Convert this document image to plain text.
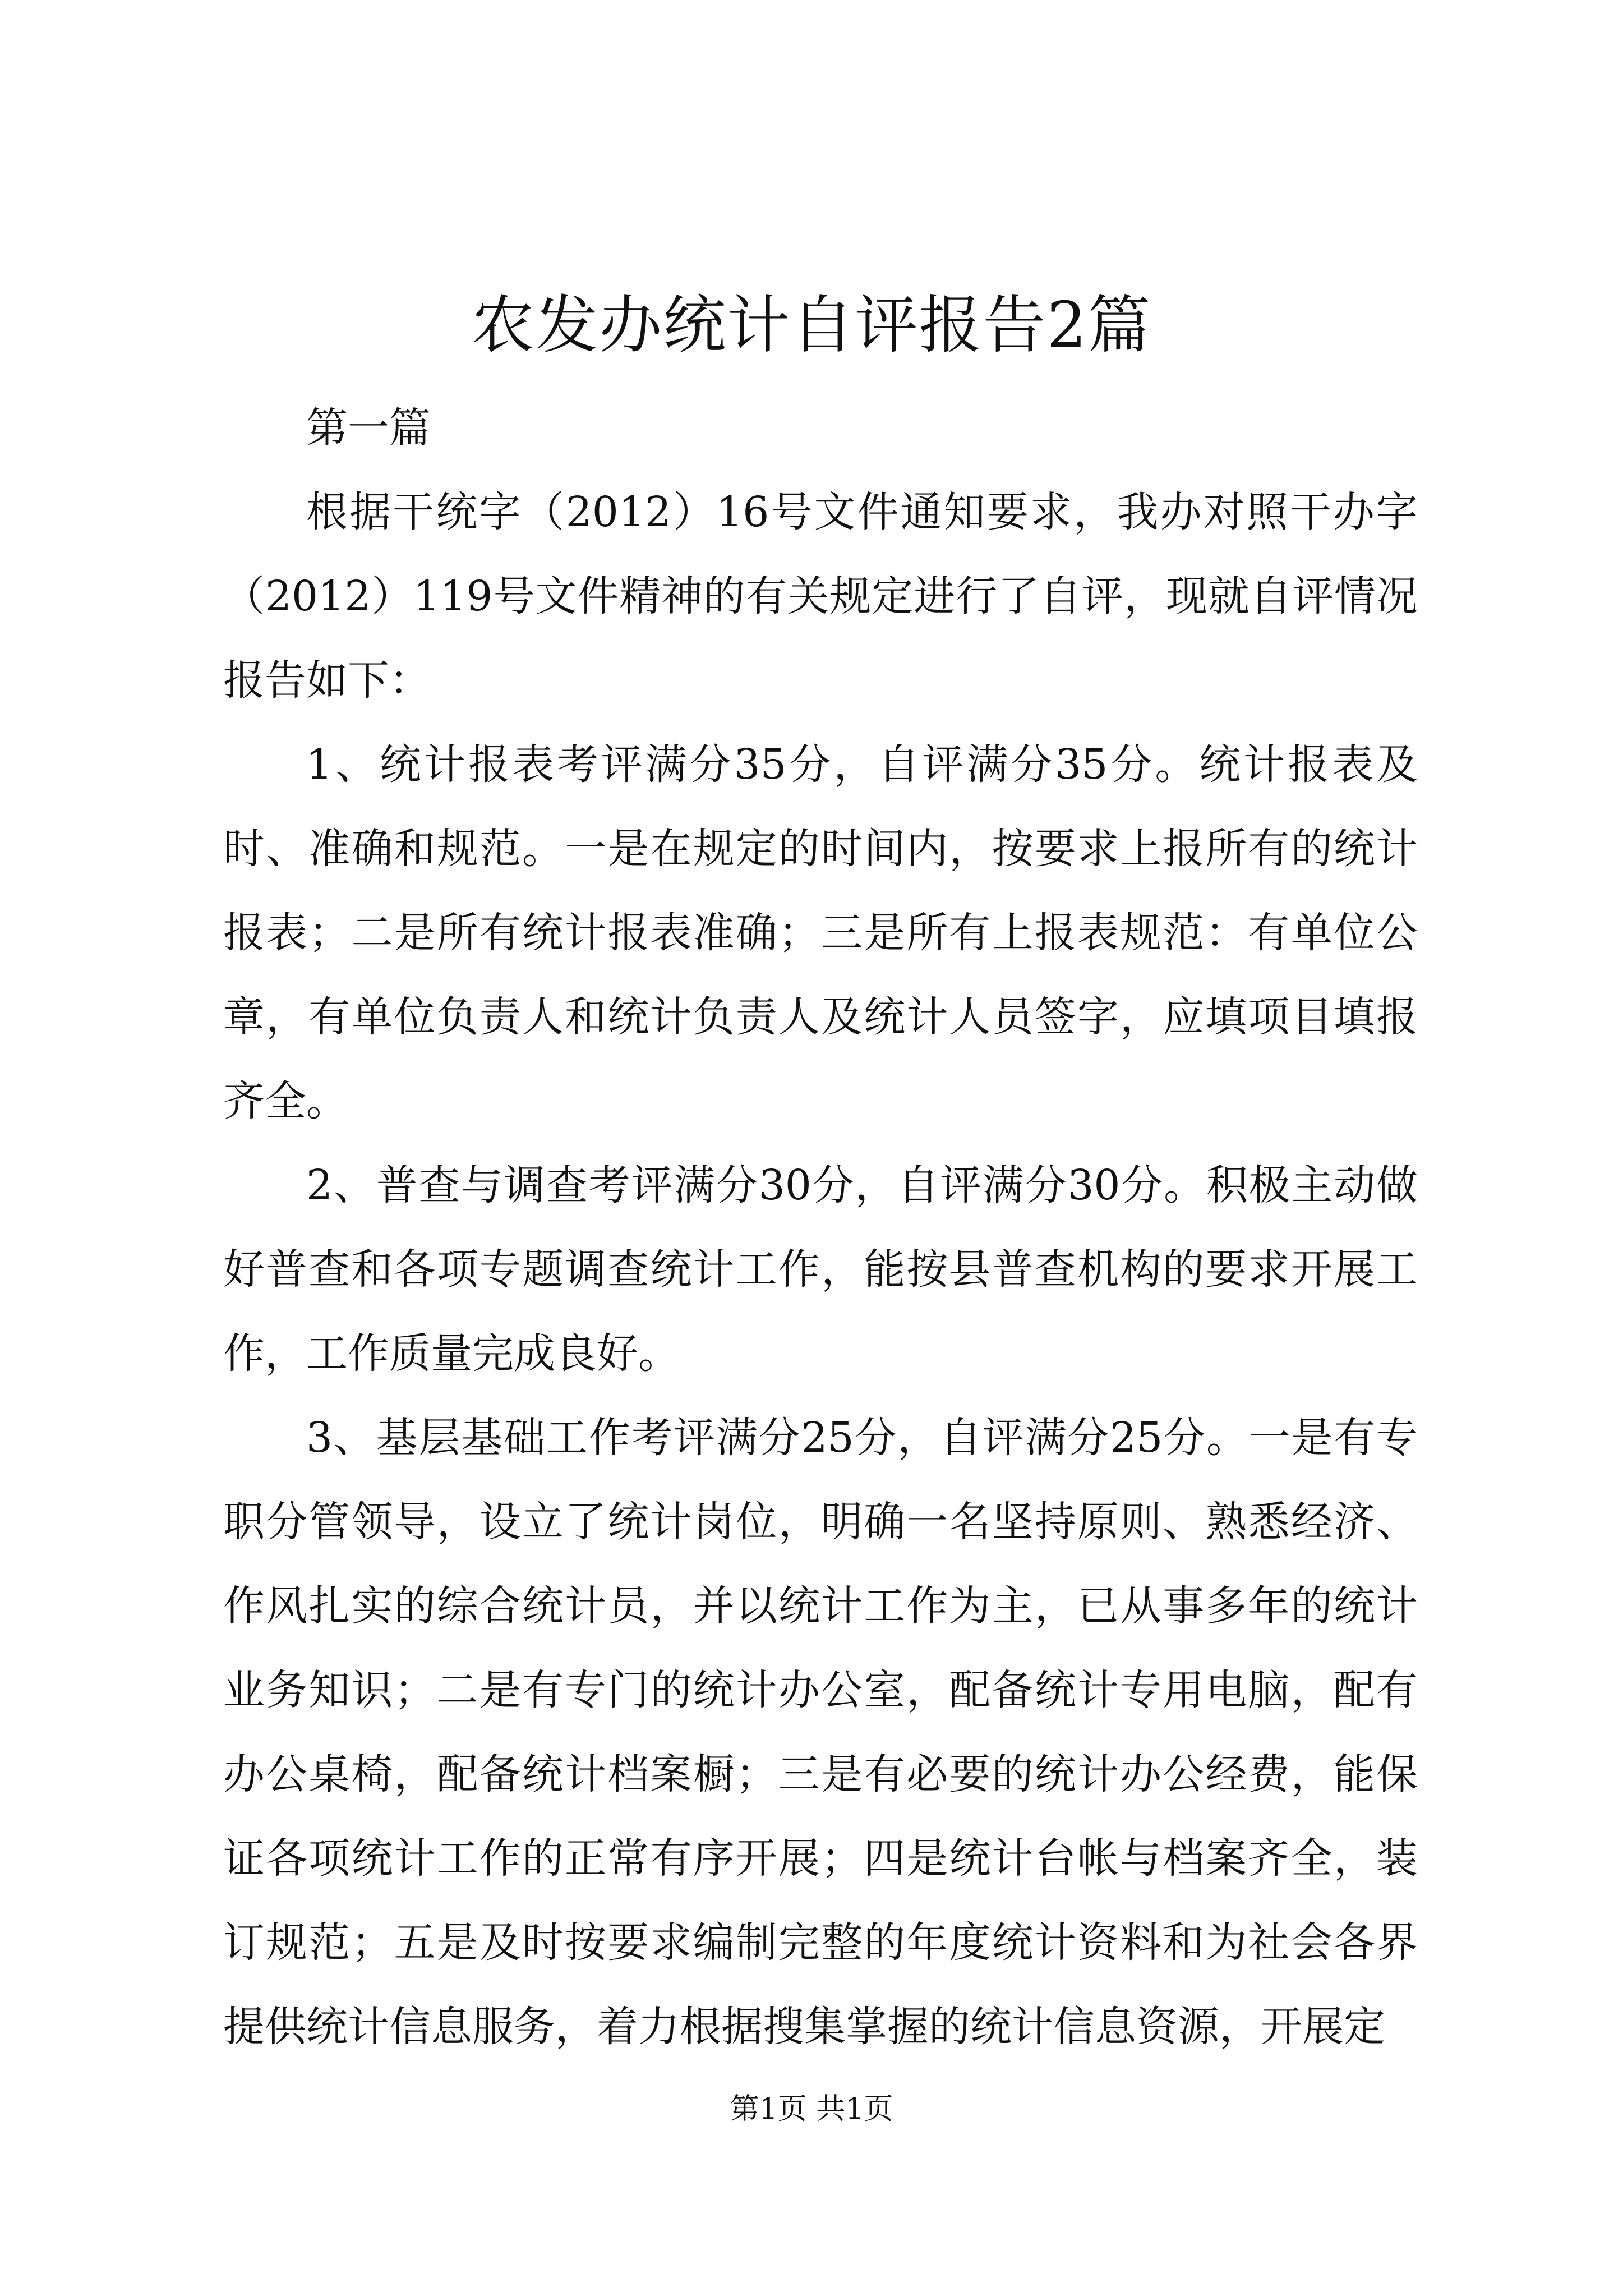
农发办统计自评报告2篇

第一篇

根据干统字（2012）16号文件通知要求，我办对照干办字（2012）119号文件精神的有关规定进行了自评，现就自评情况报告如下：

1、统计报表考评满分35分，自评满分35分。统计报表及时、准确和规范。一是在规定的时间内，按要求上报所有的统计报表；二是所有统计报表准确；三是所有上报表规范：有单位公章，有单位负责人和统计负责人及统计人员签字，应填项目填报齐全。

2、普查与调查考评满分30分，自评满分30分。积极主动做好普查和各项专题调查统计工作，能按县普查机构的要求开展工作，工作质量完成良好。

3、基层基础工作考评满分25分，自评满分25分。一是有专职分管领导，设立了统计岗位，明确一名坚持原则、熟悉经济、作风扎实的综合统计员，并以统计工作为主，已从事多年的统计业务知识；二是有专门的统计办公室，配备统计专用电脑，配有办公桌椅，配备统计档案橱；三是有必要的统计办公经费，能保证各项统计工作的正常有序开展；四是统计台帐与档案齐全，装订规范；五是及时按要求编制完整的年度统计资料和为社会各界提供统计信息服务，着力根据搜集掌握的统计信息资源，开展定

第1页 共1页
